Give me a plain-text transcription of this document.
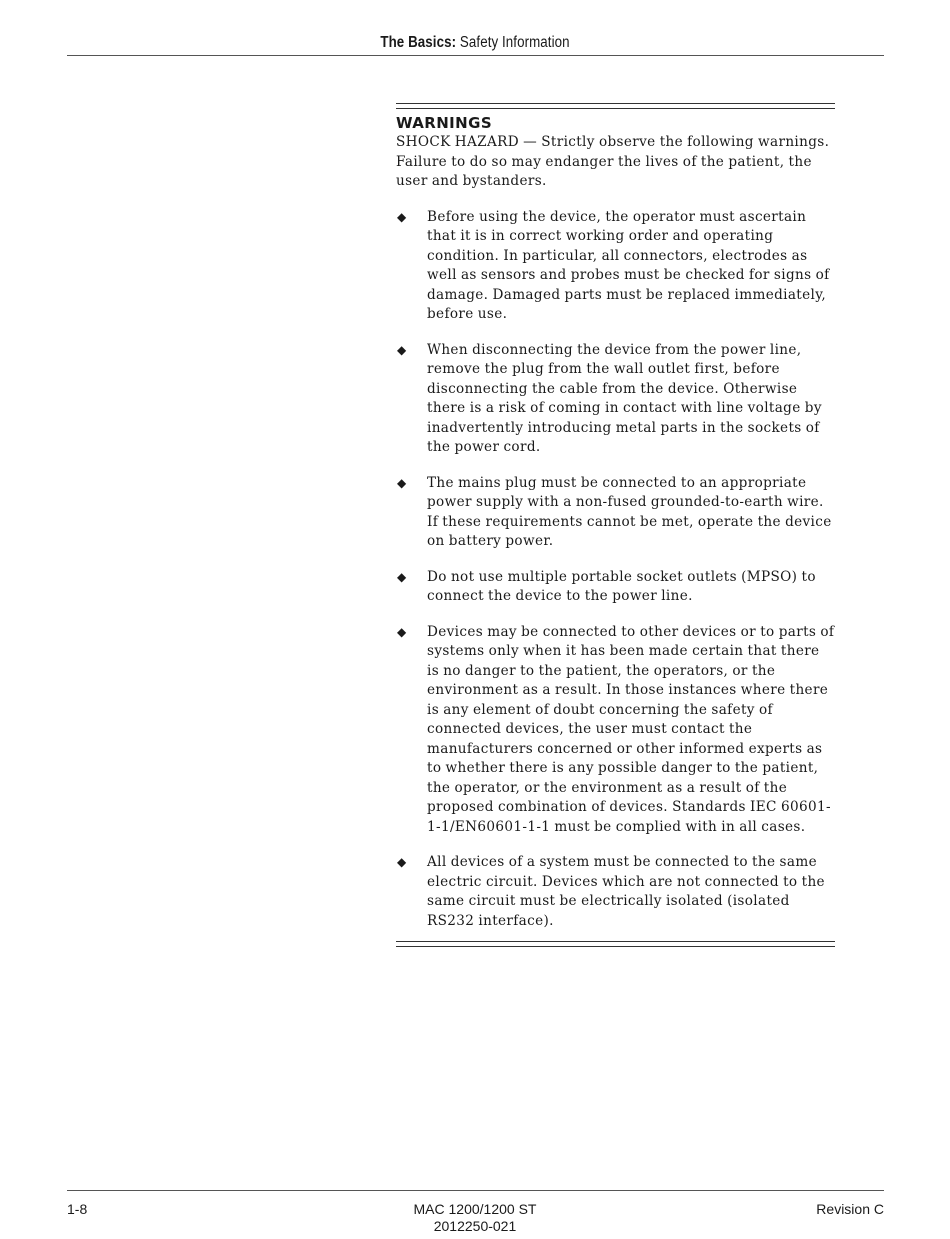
The Basics: Safety Information
WARNINGS
SHOCK HAZARD — Strictly observe the following warnings. Failure to do so may endanger the lives of the patient, the user and bystanders.
◆	Before using the device, the operator must ascertain that it is in correct working order and operating condition. In particular, all connectors, electrodes as well as sensors and probes must be checked for signs of damage. Damaged parts must be replaced immediately, before use.
◆	When disconnecting the device from the power line, remove the plug from the wall outlet first, before disconnecting the cable from the device. Otherwise there is a risk of coming in contact with line voltage by inadvertently introducing metal parts in the sockets of the power cord.
◆	The mains plug must be connected to an appropriate power supply with a non-fused grounded-to-earth wire. If these requirements cannot be met, operate the device on battery power.
◆	Do not use multiple portable socket outlets (MPSO) to connect the device to the power line.
◆	Devices may be connected to other devices or to parts of systems only when it has been made certain that there is no danger to the patient, the operators, or the environment as a result. In those instances where there is any element of doubt concerning the safety of connected devices, the user must contact the manufacturers concerned or other informed experts as to whether there is any possible danger to the patient, the operator, or the environment as a result of the proposed combination of devices. Standards IEC 60601-1-1/EN60601-1-1 must be complied with in all cases.
◆	All devices of a system must be connected to the same electric circuit. Devices which are not connected to the same circuit must be electrically isolated (isolated RS232 interface).
1-8	MAC 1200/1200 ST
2012250-021
Revision C
